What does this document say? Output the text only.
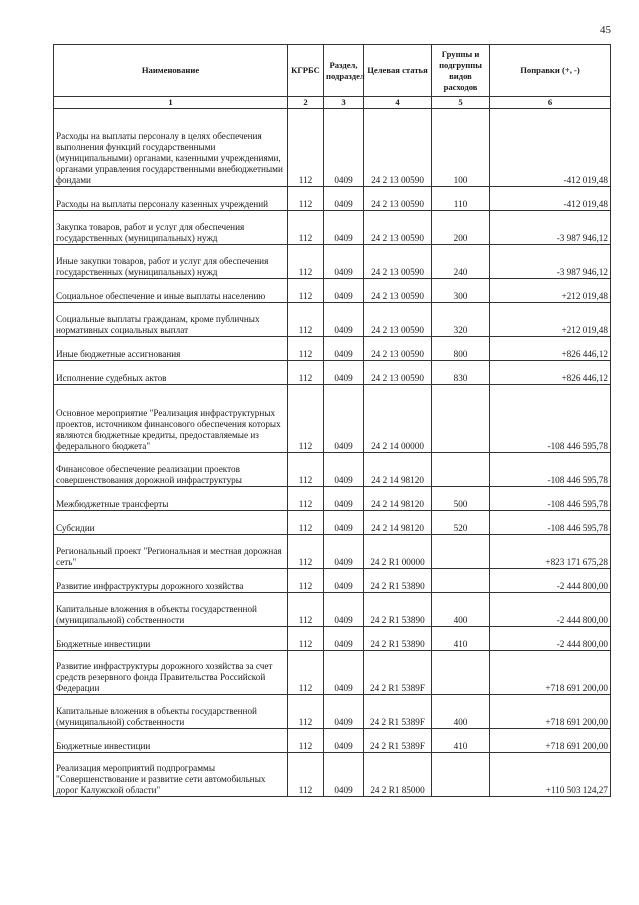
45
Наименование	КГРБС	Раздел, подраздел	Целевая статья	Группы и подгруппы видов расходов	Поправки (+, -)
1	2	3	4	5	6
Расходы на выплаты персоналу в целях обеспечения выполнения функций государственными (муниципальными) органами, казенными учреждениями, органами управления государственными внебюджетными фондами	112	0409	24 2 13 00590	100	-412 019,48
Расходы на выплаты персоналу казенных учреждений	112	0409	24 2 13 00590	110	-412 019,48
Закупка товаров, работ и услуг для обеспечения государственных (муниципальных) нужд	112	0409	24 2 13 00590	200	-3 987 946,12
Иные закупки товаров, работ и услуг для обеспечения государственных (муниципальных) нужд	112	0409	24 2 13 00590	240	-3 987 946,12
Социальное обеспечение и иные выплаты населению	112	0409	24 2 13 00590	300	+212 019,48
Социальные выплаты гражданам, кроме публичных нормативных социальных выплат	112	0409	24 2 13 00590	320	+212 019,48
Иные бюджетные ассигнования	112	0409	24 2 13 00590	800	+826 446,12
Исполнение судебных актов	112	0409	24 2 13 00590	830	+826 446,12
Основное мероприятие "Реализация инфраструктурных проектов, источником финансового обеспечения которых являются бюджетные кредиты, предоставляемые из федерального бюджета"	112	0409	24 2 14 00000		-108 446 595,78
Финансовое обеспечение реализации проектов совершенствования дорожной инфраструктуры	112	0409	24 2 14 98120		-108 446 595,78
Межбюджетные трансферты	112	0409	24 2 14 98120	500	-108 446 595,78
Субсидии	112	0409	24 2 14 98120	520	-108 446 595,78
Региональный проект "Региональная и местная дорожная сеть"	112	0409	24 2 R1 00000		+823 171 675,28
Развитие инфраструктуры дорожного хозяйства	112	0409	24 2 R1 53890		-2 444 800,00
Капитальные вложения в объекты государственной (муниципальной) собственности	112	0409	24 2 R1 53890	400	-2 444 800,00
Бюджетные инвестиции	112	0409	24 2 R1 53890	410	-2 444 800,00
Развитие инфраструктуры дорожного хозяйства за счет средств резервного фонда Правительства Российской Федерации	112	0409	24 2 R1 5389F		+718 691 200,00
Капитальные вложения в объекты государственной (муниципальной) собственности	112	0409	24 2 R1 5389F	400	+718 691 200,00
Бюджетные инвестиции	112	0409	24 2 R1 5389F	410	+718 691 200,00
Реализация мероприятий подпрограммы "Совершенствование и развитие сети автомобильных дорог Калужской области"	112	0409	24 2 R1 85000		+110 503 124,27
